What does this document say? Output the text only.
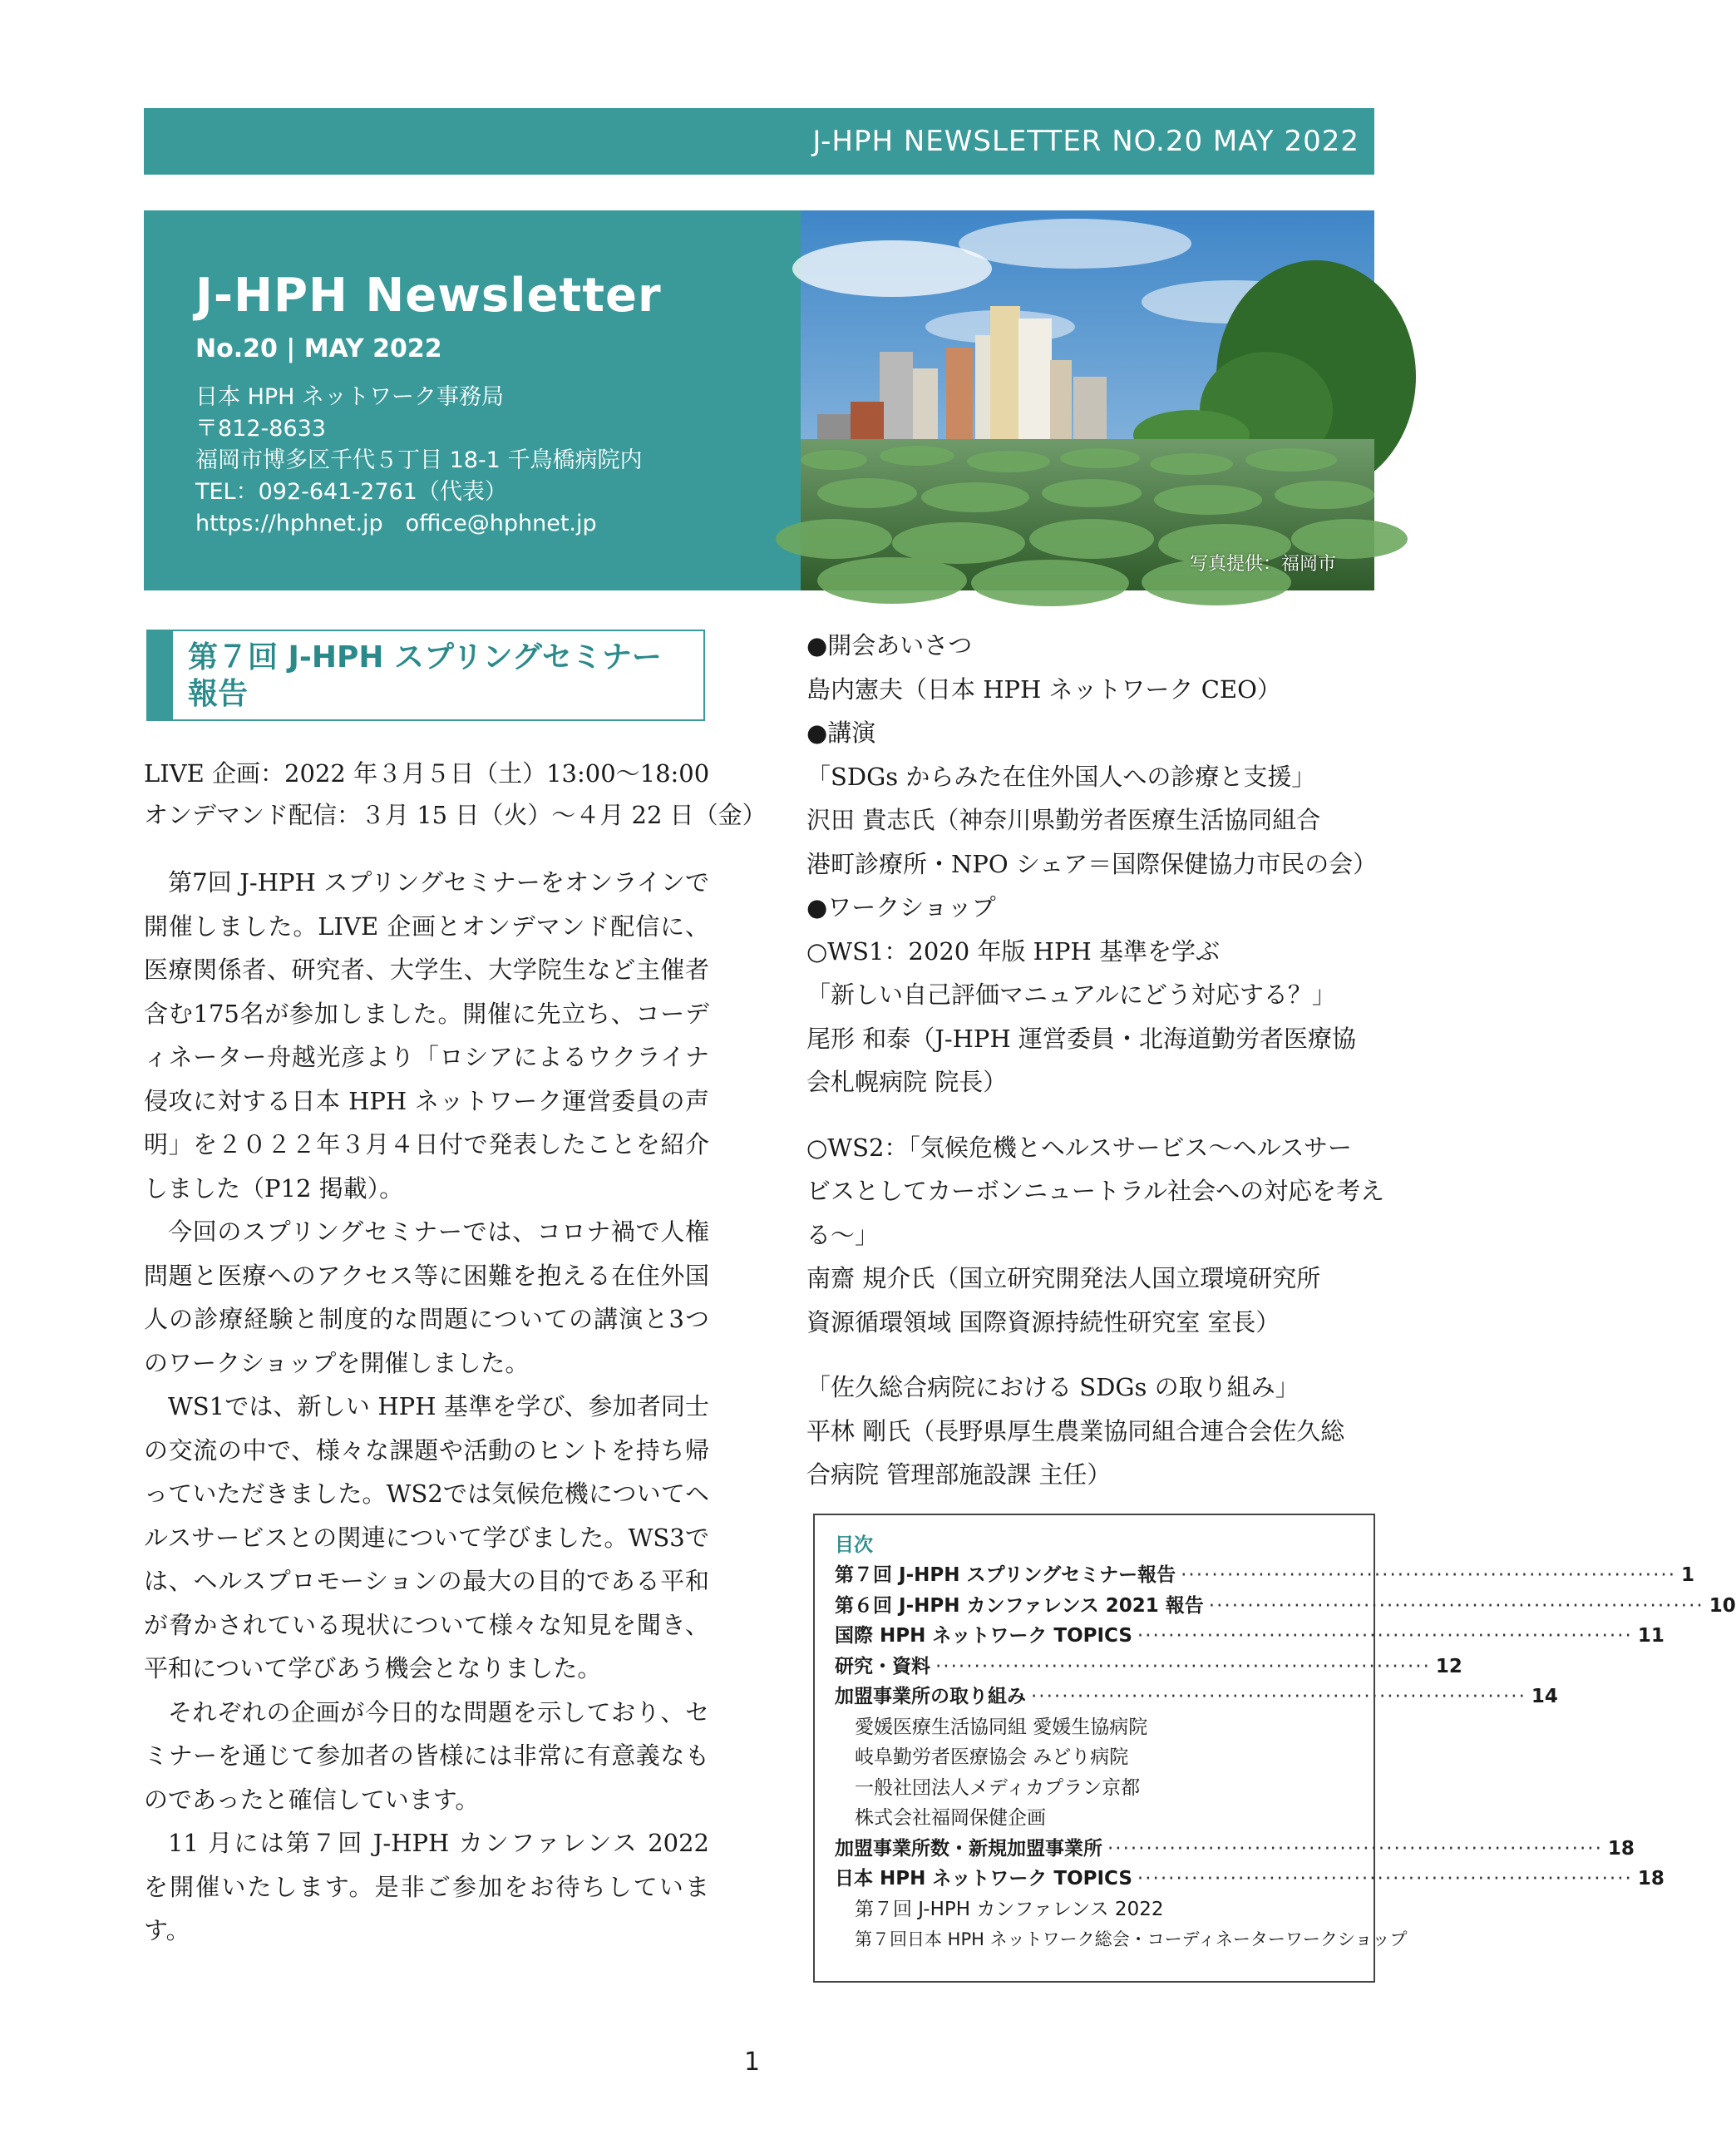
J-HPH NEWSLETTER NO.20 MAY 2022
J-HPH Newsletter
No.20 | MAY 2022
日本 HPH ネットワーク事務局
〒812-8633
福岡市博多区千代５丁目 18-1 千鳥橋病院内
TEL：092-641-2761（代表）
https://hphnet.jp　office@hphnet.jp
写真提供：福岡市
第７回 J-HPH スプリングセミナー
報告
LIVE 企画：2022 年３月５日（土）13:00〜18:00
オンデマンド配信：３月 15 日（火）〜４月 22 日（金）

第7回 J-HPH スプリングセミナーをオンラインで開催しました。LIVE 企画とオンデマンド配信に、医療関係者、研究者、大学生、大学院生など主催者含む175名が参加しました。開催に先立ち、コーディネーター舟越光彦より「ロシアによるウクライナ侵攻に対する日本 HPH ネットワーク運営委員の声明」を２０２２年３月４日付で発表したことを紹介しました（P12 掲載）。

今回のスプリングセミナーでは、コロナ禍で人権問題と医療へのアクセス等に困難を抱える在住外国人の診療経験と制度的な問題についての講演と3つのワークショップを開催しました。

WS1では、新しい HPH 基準を学び、参加者同士の交流の中で、様々な課題や活動のヒントを持ち帰っていただきました。WS2では気候危機についてヘルスサービスとの関連について学びました。WS3では、ヘルスプロモーションの最大の目的である平和が脅かされている現状について様々な知見を聞き、平和について学びあう機会となりました。

それぞれの企画が今日的な問題を示しており、セミナーを通じて参加者の皆様には非常に有意義なものであったと確信しています。

11 月には第７回 J-HPH カンファレンス 2022 を開催いたします。是非ご参加をお待ちしています。

●開会あいさつ
島内憲夫（日本 HPH ネットワーク CEO）
●講演
「SDGs からみた在住外国人への診療と支援」
沢田 貴志氏（神奈川県勤労者医療生活協同組合
港町診療所・NPO シェア＝国際保健協力市民の会）
●ワークショップ
○WS1：2020 年版 HPH 基準を学ぶ
「新しい自己評価マニュアルにどう対応する？」
尾形 和泰（J-HPH 運営委員・北海道勤労者医療協
会札幌病院 院長）
○WS2：「気候危機とヘルスサービス〜ヘルスサー
ビスとしてカーボンニュートラル社会への対応を考え
る〜」
南齋 規介氏（国立研究開発法人国立環境研究所
資源循環領域 国際資源持続性研究室 室長）
「佐久総合病院における SDGs の取り組み」
平林 剛氏（長野県厚生農業協同組合連合会佐久総
合病院 管理部施設課 主任）
目次
第７回 J-HPH スプリングセミナー報告 ································································ 1
第６回 J-HPH カンファレンス 2021 報告 ································································ 10
国際 HPH ネットワーク TOPICS ································································ 11
研究・資料 ································································ 12
加盟事業所の取り組み ································································ 14
愛媛医療生活協同組 愛媛生協病院
岐阜勤労者医療協会 みどり病院
一般社団法人メディカプラン京都
株式会社福岡保健企画
加盟事業所数・新規加盟事業所 ································································ 18
日本 HPH ネットワーク TOPICS ································································ 18
第７回 J-HPH カンファレンス 2022
第７回日本 HPH ネットワーク総会・コーディネーターワークショップ
1
